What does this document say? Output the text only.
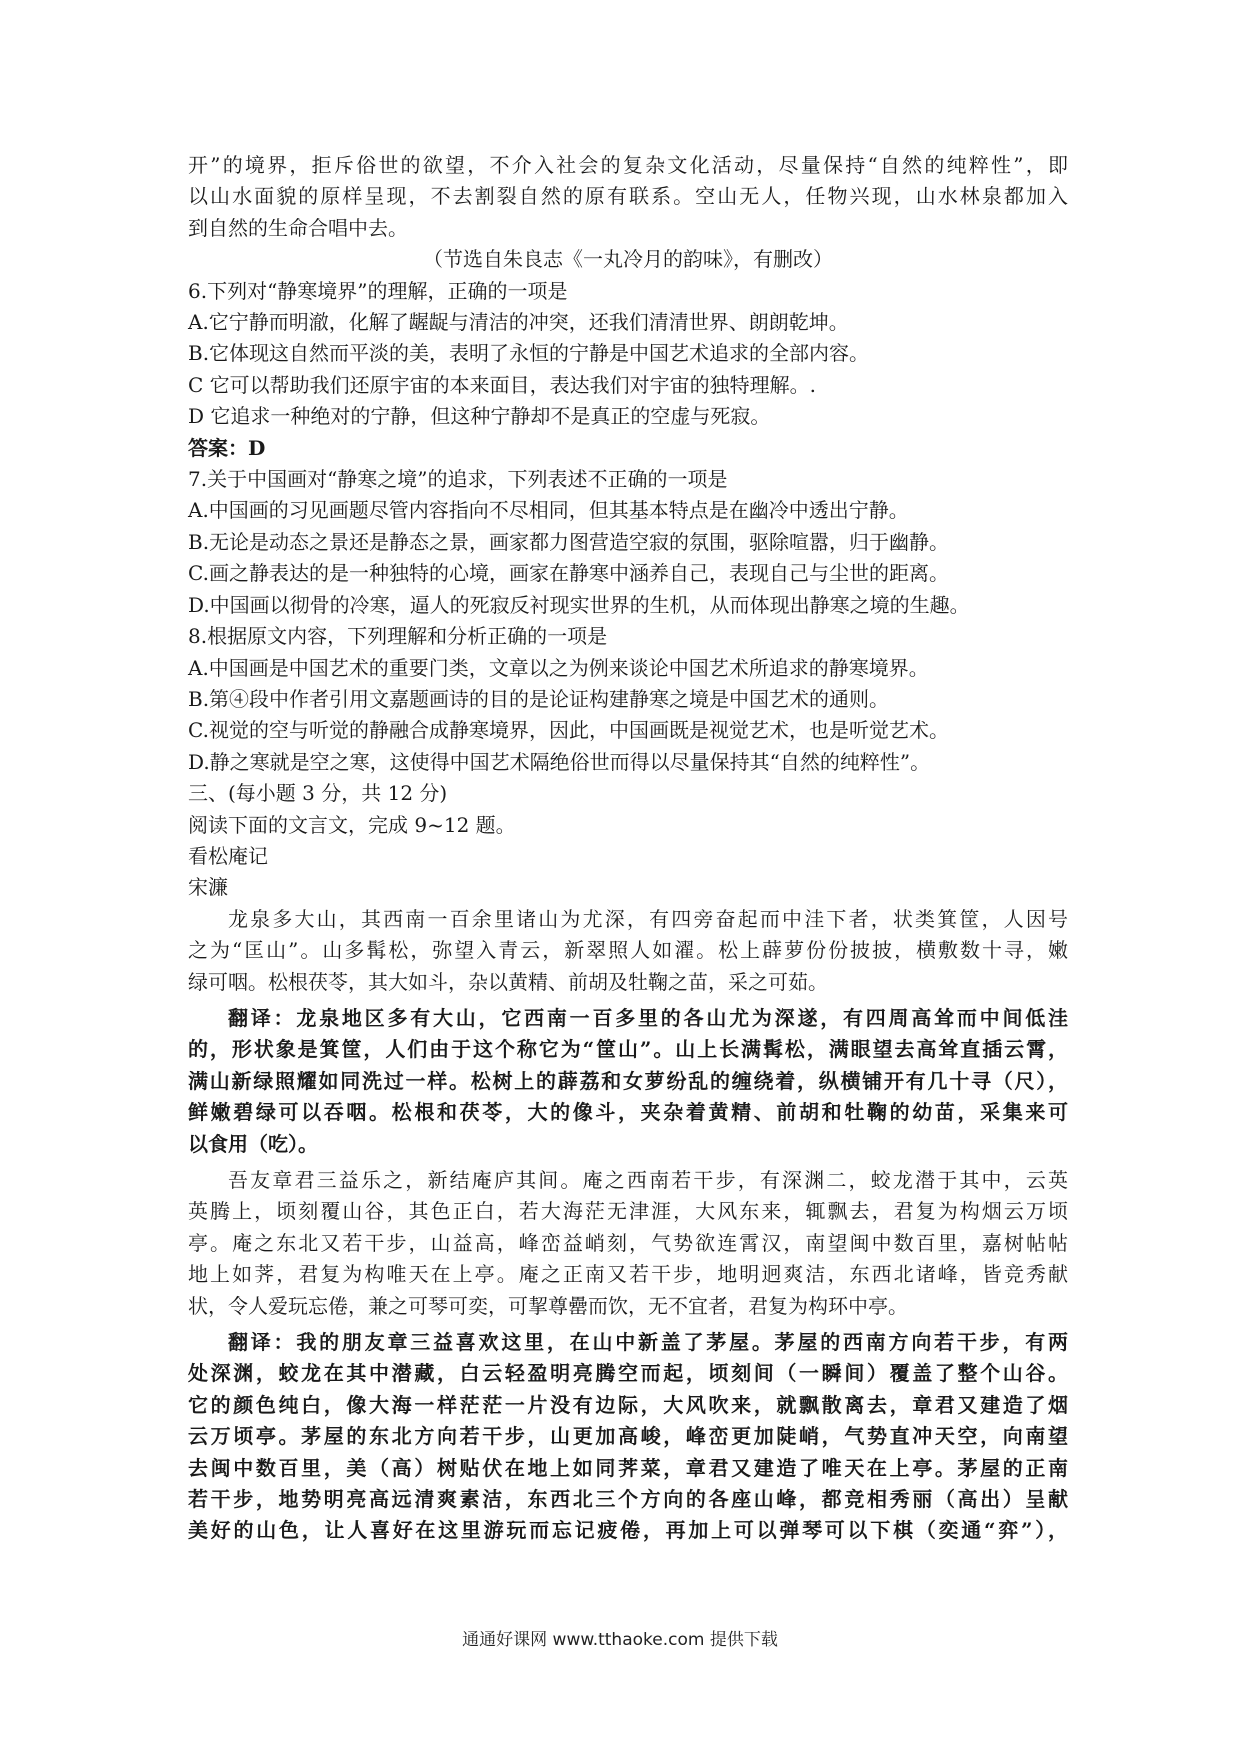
开”的境界，拒斥俗世的欲望，不介入社会的复杂文化活动，尽量保持“自然的纯粹性”，即
以山水面貌的原样呈现，不去割裂自然的原有联系。空山无人，任物兴现，山水林泉都加入
到自然的生命合唱中去。
（节选自朱良志《一丸冷月的韵味》，有删改）
6.下列对“静寒境界”的理解，正确的一项是
A.它宁静而明澈，化解了龌龊与清洁的冲突，还我们清清世界、朗朗乾坤。
B.它体现这自然而平淡的美，表明了永恒的宁静是中国艺术追求的全部内容。
C 它可以帮助我们还原宇宙的本来面目，表达我们对宇宙的独特理解。.
D 它追求一种绝对的宁静，但这种宁静却不是真正的空虚与死寂。
答案：D
7.关于中国画对“静寒之境”的追求，下列表述不正确的一项是
A.中国画的习见画题尽管内容指向不尽相同，但其基本特点是在幽冷中透出宁静。
B.无论是动态之景还是静态之景，画家都力图营造空寂的氛围，驱除喧嚣，归于幽静。
C.画之静表达的是一种独特的心境，画家在静寒中涵养自己，表现自己与尘世的距离。
D.中国画以彻骨的冷寒，逼人的死寂反衬现实世界的生机，从而体现出静寒之境的生趣。
8.根据原文内容，下列理解和分析正确的一项是
A.中国画是中国艺术的重要门类，文章以之为例来谈论中国艺术所追求的静寒境界。
B.第④段中作者引用文嘉题画诗的目的是论证构建静寒之境是中国艺术的通则。
C.视觉的空与听觉的静融合成静寒境界，因此，中国画既是视觉艺术，也是听觉艺术。
D.静之寒就是空之寒，这使得中国艺术隔绝俗世而得以尽量保持其“自然的纯粹性”。
三、(每小题 3 分，共 12 分)
阅读下面的文言文，完成 9~12 题。
看松庵记
宋濂
龙泉多大山，其西南一百余里诸山为尤深，有四旁奋起而中洼下者，状类箕筐，人因号
之为“匡山”。山多髯松，弥望入青云，新翠照人如濯。松上薜萝份份披披，横敷数十寻，嫩
绿可咽。松根茯苓，其大如斗，杂以黄精、前胡及牡鞠之苗，采之可茹。
翻译：龙泉地区多有大山，它西南一百多里的各山尤为深遂，有四周高耸而中间低洼
的，形状象是箕筐，人们由于这个称它为“筐山”。山上长满髯松，满眼望去高耸直插云霄，
满山新绿照耀如同洗过一样。松树上的薜荔和女萝纷乱的缠绕着，纵横铺开有几十寻（尺），
鲜嫩碧绿可以吞咽。松根和茯苓，大的像斗，夹杂着黄精、前胡和牡鞠的幼苗，采集来可
以食用（吃）。
吾友章君三益乐之，新结庵庐其间。庵之西南若干步，有深渊二，蛟龙潜于其中，云英
英腾上，顷刻覆山谷，其色正白，若大海茫无津涯，大风东来，辄飘去，君复为构烟云万顷
亭。庵之东北又若干步，山益高，峰峦益峭刻，气势欲连霄汉，南望闽中数百里，嘉树帖帖
地上如荠，君复为构唯天在上亭。庵之正南又若干步，地明迥爽洁，东西北诸峰，皆竞秀献
状，令人爱玩忘倦，兼之可琴可奕，可挈尊罍而饮，无不宜者，君复为构环中亭。
翻译：我的朋友章三益喜欢这里，在山中新盖了茅屋。茅屋的西南方向若干步，有两
处深渊，蛟龙在其中潜藏，白云轻盈明亮腾空而起，顷刻间（一瞬间）覆盖了整个山谷。
它的颜色纯白，像大海一样茫茫一片没有边际，大风吹来，就飘散离去，章君又建造了烟
云万顷亭。茅屋的东北方向若干步，山更加高峻，峰峦更加陡峭，气势直冲天空，向南望
去闽中数百里，美（高）树贴伏在地上如同荠菜，章君又建造了唯天在上亭。茅屋的正南
若干步，地势明亮高远清爽素洁，东西北三个方向的各座山峰，都竞相秀丽（高出）呈献
美好的山色，让人喜好在这里游玩而忘记疲倦，再加上可以弹琴可以下棋（奕通“弈”），
通通好课网 www.tthaoke.com 提供下载
